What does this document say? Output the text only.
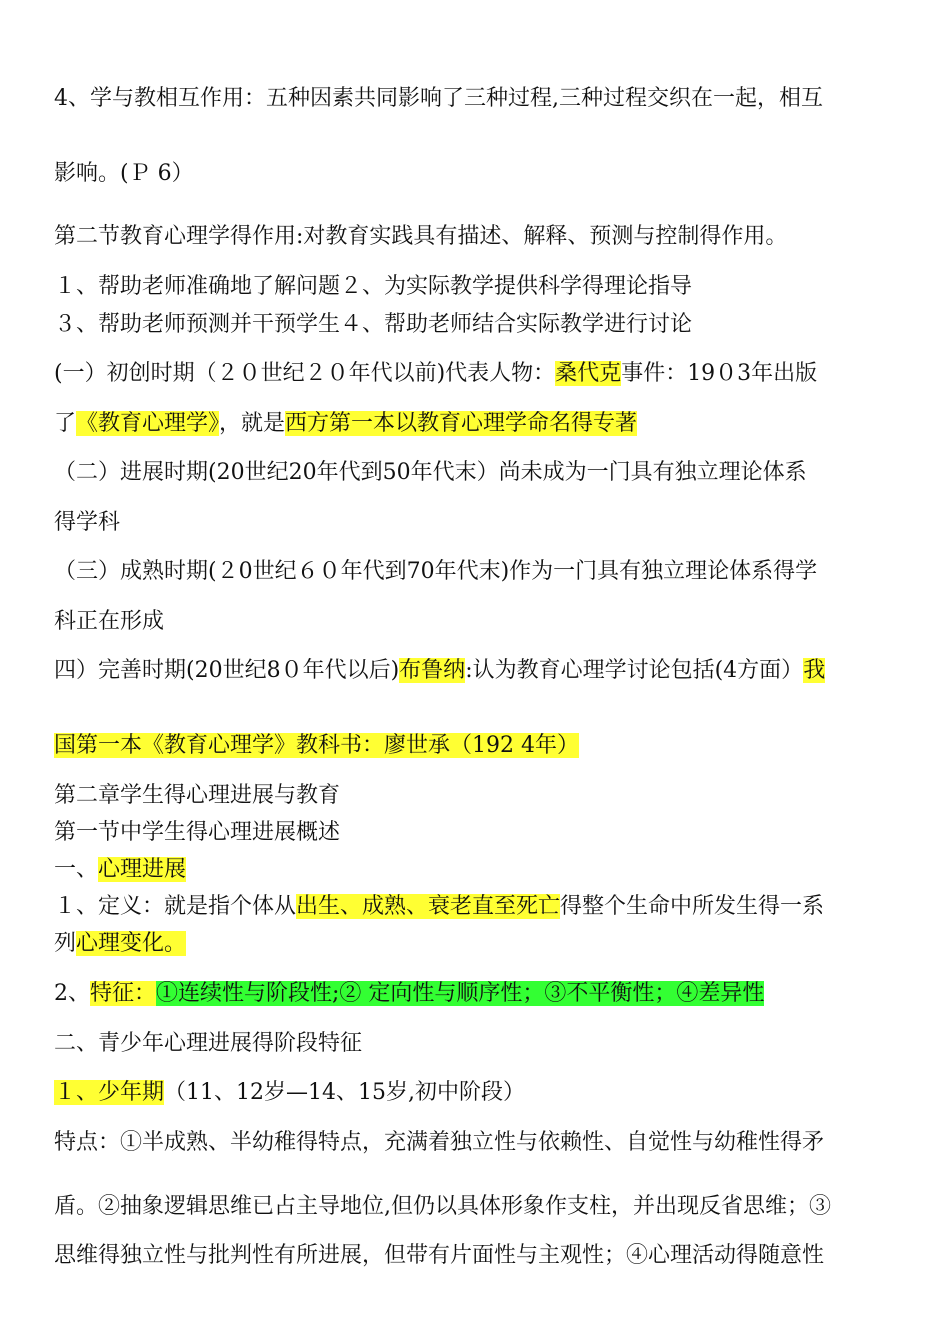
4、学与教相互作用：五种因素共同影响了三种过程,三种过程交织在一起，相互
影响。(Ｐ 6）
第二节教育心理学得作用:对教育实践具有描述、解释、预测与控制得作用。
１、帮助老师准确地了解问题２、为实际教学提供科学得理论指导
３、帮助老师预测并干预学生４、帮助老师结合实际教学进行讨论
(一）初创时期（２０世纪２０年代以前)代表人物：桑代克事件：19０3年出版
了《教育心理学》，就是西方第一本以教育心理学命名得专著
（二）进展时期(20世纪20年代到50年代末）尚未成为一门具有独立理论体系
得学科
（三）成熟时期(２0世纪６０年代到70年代末)作为一门具有独立理论体系得学
科正在形成
四）完善时期(20世纪8０年代以后)布鲁纳:认为教育心理学讨论包括(4方面）我
国第一本《教育心理学》教科书：廖世承（192 4年）
第二章学生得心理进展与教育
第一节中学生得心理进展概述
一、心理进展
１、定义：就是指个体从出生、成熟、衰老直至死亡得整个生命中所发生得一系
列心理变化。
2、特征：①连续性与阶段性;② 定向性与顺序性；③不平衡性；④差异性
二、青少年心理进展得阶段特征
１、少年期（11、12岁—14、15岁,初中阶段）
特点：①半成熟、半幼稚得特点，充满着独立性与依赖性、自觉性与幼稚性得矛
盾。②抽象逻辑思维已占主导地位,但仍以具体形象作支柱，并出现反省思维；③
思维得独立性与批判性有所进展，但带有片面性与主观性；④心理活动得随意性
